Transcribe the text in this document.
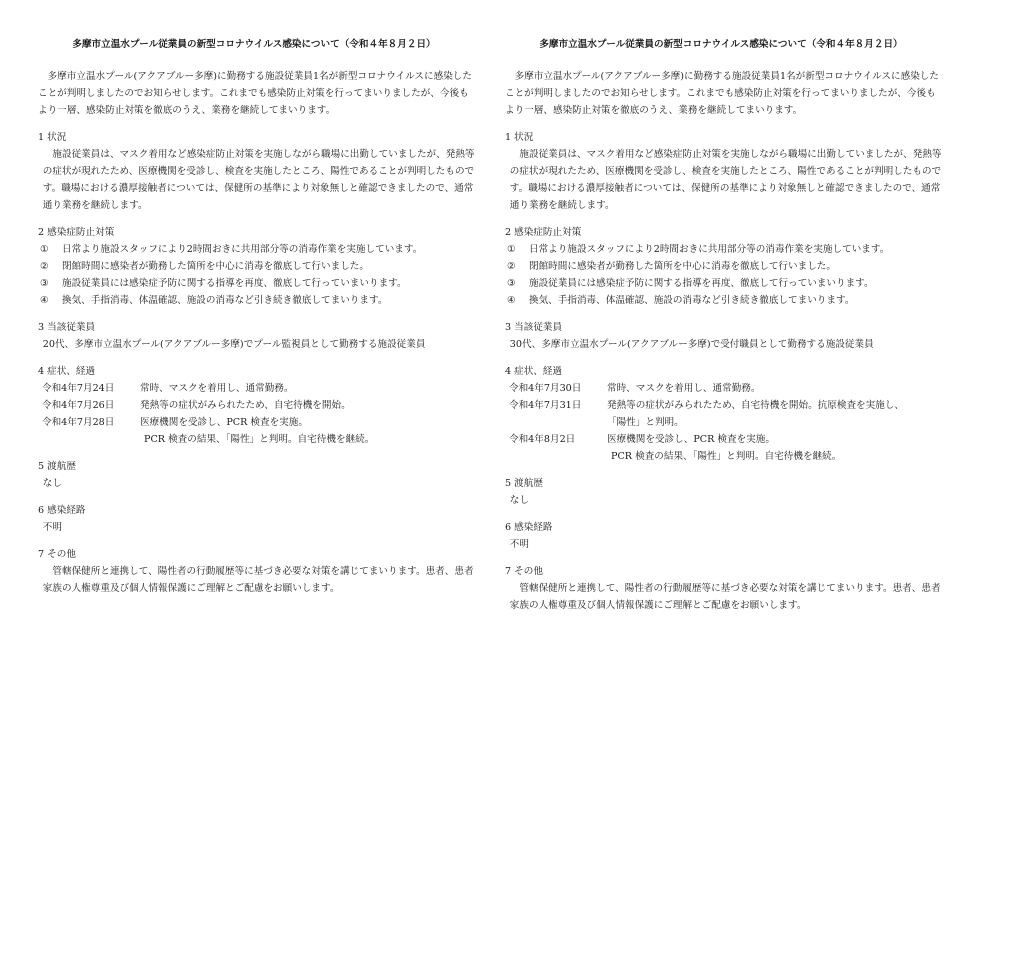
多摩市立温水プール従業員の新型コロナウイルス感染について（令和４年８月２日）

多摩市立温水プール(アクアブルー多摩)に勤務する施設従業員1名が新型コロナウイルスに感染したことが判明しましたのでお知らせします。これまでも感染防止対策を行ってまいりましたが、今後もより一層、感染防止対策を徹底のうえ、業務を継続してまいります。

1 状況

施設従業員は、マスク着用など感染症防止対策を実施しながら職場に出勤していましたが、発熱等の症状が現れたため、医療機関を受診し、検査を実施したところ、陽性であることが判明したものです。職場における濃厚接触者については、保健所の基準により対象無しと確認できましたので、通常通り業務を継続します。

2 感染症防止対策

①	日常より施設スタッフにより2時間おきに共用部分等の消毒作業を実施しています。
②	閉館時間に感染者が勤務した箇所を中心に消毒を徹底して行いました。
③	施設従業員には感染症予防に関する指導を再度、徹底して行っていまいります。
④	換気、手指消毒、体温確認、施設の消毒など引き続き徹底してまいります。

3 当該従業員

20代、多摩市立温水プール(アクアブルー多摩)でプール監視員として勤務する施設従業員

4 症状、経過

令和4年7月24日	常時、マスクを着用し、通常勤務。
令和4年7月26日	発熱等の症状がみられたため、自宅待機を開始。
令和4年7月28日	医療機関を受診し、PCR 検査を実施。
PCR 検査の結果、「陽性」と判明。自宅待機を継続。

5 渡航歴

なし

6 感染経路

不明

7 その他

管轄保健所と連携して、陽性者の行動履歴等に基づき必要な対策を講じてまいります。患者、患者家族の人権尊重及び個人情報保護にご理解とご配慮をお願いします。

多摩市立温水プール従業員の新型コロナウイルス感染について（令和４年８月２日）

多摩市立温水プール(アクアブルー多摩)に勤務する施設従業員1名が新型コロナウイルスに感染したことが判明しましたのでお知らせします。これまでも感染防止対策を行ってまいりましたが、今後もより一層、感染防止対策を徹底のうえ、業務を継続してまいります。

1 状況

施設従業員は、マスク着用など感染症防止対策を実施しながら職場に出勤していましたが、発熱等の症状が現れたため、医療機関を受診し、検査を実施したところ、陽性であることが判明したものです。職場における濃厚接触者については、保健所の基準により対象無しと確認できましたので、通常通り業務を継続します。

2 感染症防止対策

①	日常より施設スタッフにより2時間おきに共用部分等の消毒作業を実施しています。
②	閉館時間に感染者が勤務した箇所を中心に消毒を徹底して行いました。
③	施設従業員には感染症予防に関する指導を再度、徹底して行っていまいります。
④	換気、手指消毒、体温確認、施設の消毒など引き続き徹底してまいります。

3 当該従業員

30代、多摩市立温水プール(アクアブルー多摩)で受付職員として勤務する施設従業員

4 症状、経過

令和4年7月30日	常時、マスクを着用し、通常勤務。
令和4年7月31日	発熱等の症状がみられたため、自宅待機を開始。抗原検査を実施し、
「陽性」と判明。
令和4年8月2日	医療機関を受診し、PCR 検査を実施。
PCR 検査の結果、「陽性」と判明。自宅待機を継続。

5 渡航歴

なし

6 感染経路

不明

7 その他

管轄保健所と連携して、陽性者の行動履歴等に基づき必要な対策を講じてまいります。患者、患者家族の人権尊重及び個人情報保護にご理解とご配慮をお願いします。
